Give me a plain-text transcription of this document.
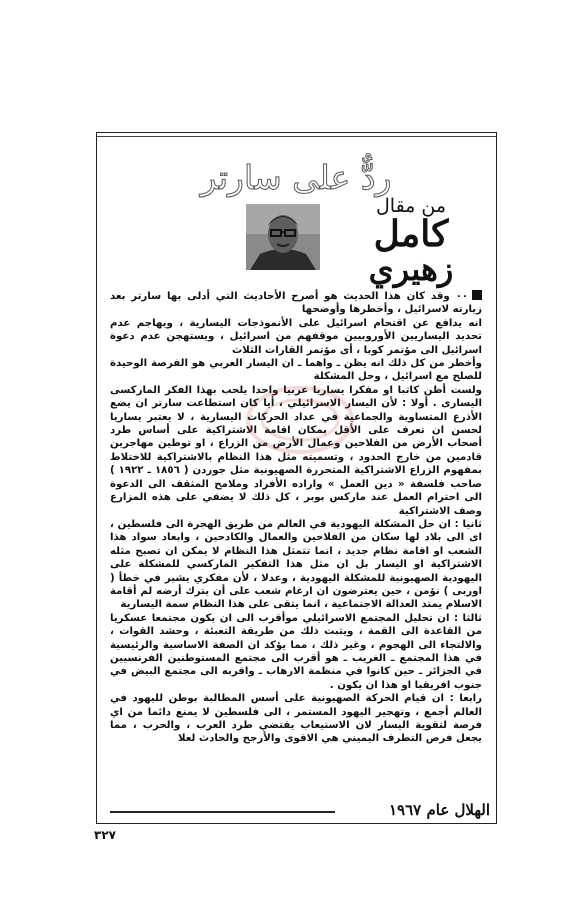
ردٌّ على سارتر
من مقال
كامل
زهيري

٠٠ وقد كان هذا الحديث هو أصرح الأحاديث التي أدلى بها سارتر بعد زيارته لاسرائيل ، وأخطرها وأوضحها

انه يدافع عن اقتحام اسرائيل على الأنموذجات اليسارية ، ويهاجم عدم تحديد اليساريين الأوروبيين موقفهم من اسرائيل ، ويستهجن عدم دعوة اسرائيل الى مؤتمر كوبا ، أى مؤتمر القارات الثلاث

وأخطر من كل ذلك انه يظن ـ واهما ـ ان اليسار العربي هو الفرصة الوحيدة للصلح مع اسرائيل ، وحل المشكلة

ولست أظن كاتبا او مفكرا يساريا عربيا واحدا يلحب بهذا الفكر الماركسى اليسارى . أولا : لأن اليسار الاسرائيلي ، أيا كان استطاعت سارتر ان يضع الأذرع المتساوية والجماعية في عداد الحركات اليسارية ، لا يعتبر يساريا لحسن ان تعرف على الأقل بمكان اقامة الاشتراكية على أساس طرد أصحاب الأرض من الفلاحين وعمال الأرض من الزراع ، او توطين مهاجرين قادمين من خارج الحدود ، وتسميته مثل هذا النظام بالاشتراكية للاختلاط بمفهوم الزراع الاشتراكية المتحررة الصهيونية مثل جوردن ( ١٨٥٦ ـ ١٩٢٢ ) صاحب فلسفة « دين العمل » واراده الأفراد وملامح المثقف الى الدعوة الى احترام العمل عند ماركس بوبر ، كل ذلك لا يضفي على هذه المزارع وصف الاشتراكية

ثانيا : ان حل المشكلة اليهودية في العالم من طريق الهجرة الى فلسطين ، اى الى بلاد لها سكان من الفلاحين والعمال والكادحين ، وابعاد سواد هذا الشعب او اقامة نظام جديد ، انما تتمثل هذا النظام لا يمكن ان تصبح مثله الاشتراكية او اليسار بل ان مثل هذا التفكير الماركسي للمشكلة على اليهودية الصهيونية للمشكلة اليهودية ، وعدلا ، لأن مفكري يشير في خطأ ( اوربى ) نؤمن ، حين يعترضون ان ارغام شعب على أن يترك أرضه لم أقامة الاسلام يمتد العدالة الاجتماعية ، انما يتقى على هذا النظام سمة اليسارية

ثالثا : ان تحليل المجتمع الاسرائيلي موأقرب الى ان يكون مجتمعا عسكريا من القاعدة الى القمة ، ويثبت ذلك من طريقة التعبئة ، وحشد القوات ، والالتجاء الى الهجوم ، وغير ذلك ، مما يؤكد ان الصفة الاساسية والرئيسية في هذا المجتمع ـ الغريب ـ هو أقرب الى مجتمع المستوطنين الفرنسيين في الجزائر ـ حين كانوا في منظمة الارهاب ـ واقربه الى مجتمع البيض في جنوب افريقيا او هذا ان يكون .

رابعا : ان قيام الحركة الصهيونية على أسس المطالبة بوطن لليهود في العالم أجمع ، وتهجير اليهود المستمر ، الى فلسطين لا يمنع دائما من اي فرصة لتقوية اليسار لان الاستيعاب يقتضي طرد العرب ، والحرب ، مما يجعل فرص التطرف اليميني هي الاقوى والأرجح والحادث لعلا

الهلال عام ١٩٦٧
٣٢٧
